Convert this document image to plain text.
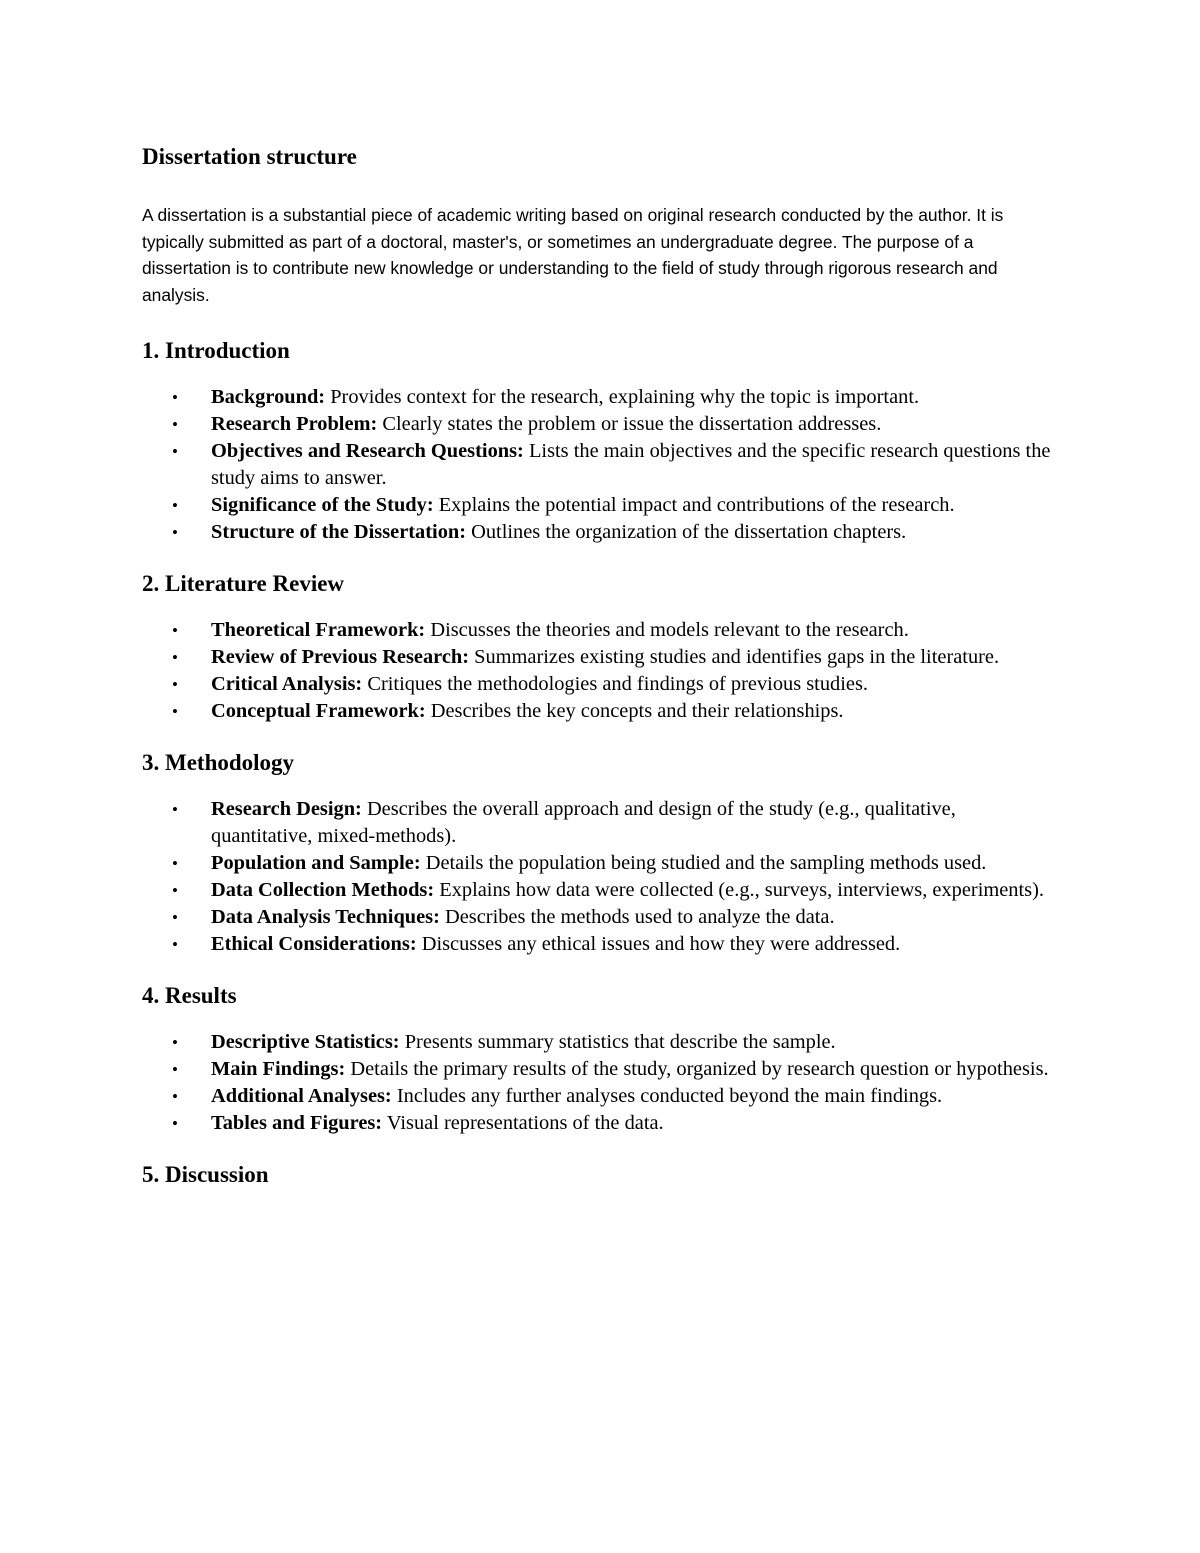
Dissertation structure

A dissertation is a substantial piece of academic writing based on original research conducted by the author. It is typically submitted as part of a doctoral, master's, or sometimes an undergraduate degree. The purpose of a dissertation is to contribute new knowledge or understanding to the field of study through rigorous research and analysis.

1. Introduction
• Background: Provides context for the research, explaining why the topic is important.
• Research Problem: Clearly states the problem or issue the dissertation addresses.
• Objectives and Research Questions: Lists the main objectives and the specific research questions the study aims to answer.
• Significance of the Study: Explains the potential impact and contributions of the research.
• Structure of the Dissertation: Outlines the organization of the dissertation chapters.
2. Literature Review
• Theoretical Framework: Discusses the theories and models relevant to the research.
• Review of Previous Research: Summarizes existing studies and identifies gaps in the literature.
• Critical Analysis: Critiques the methodologies and findings of previous studies.
• Conceptual Framework: Describes the key concepts and their relationships.
3. Methodology
• Research Design: Describes the overall approach and design of the study (e.g., qualitative, quantitative, mixed-methods).
• Population and Sample: Details the population being studied and the sampling methods used.
• Data Collection Methods: Explains how data were collected (e.g., surveys, interviews, experiments).
• Data Analysis Techniques: Describes the methods used to analyze the data.
• Ethical Considerations: Discusses any ethical issues and how they were addressed.
4. Results
• Descriptive Statistics: Presents summary statistics that describe the sample.
• Main Findings: Details the primary results of the study, organized by research question or hypothesis.
• Additional Analyses: Includes any further analyses conducted beyond the main findings.
• Tables and Figures: Visual representations of the data.
5. Discussion
